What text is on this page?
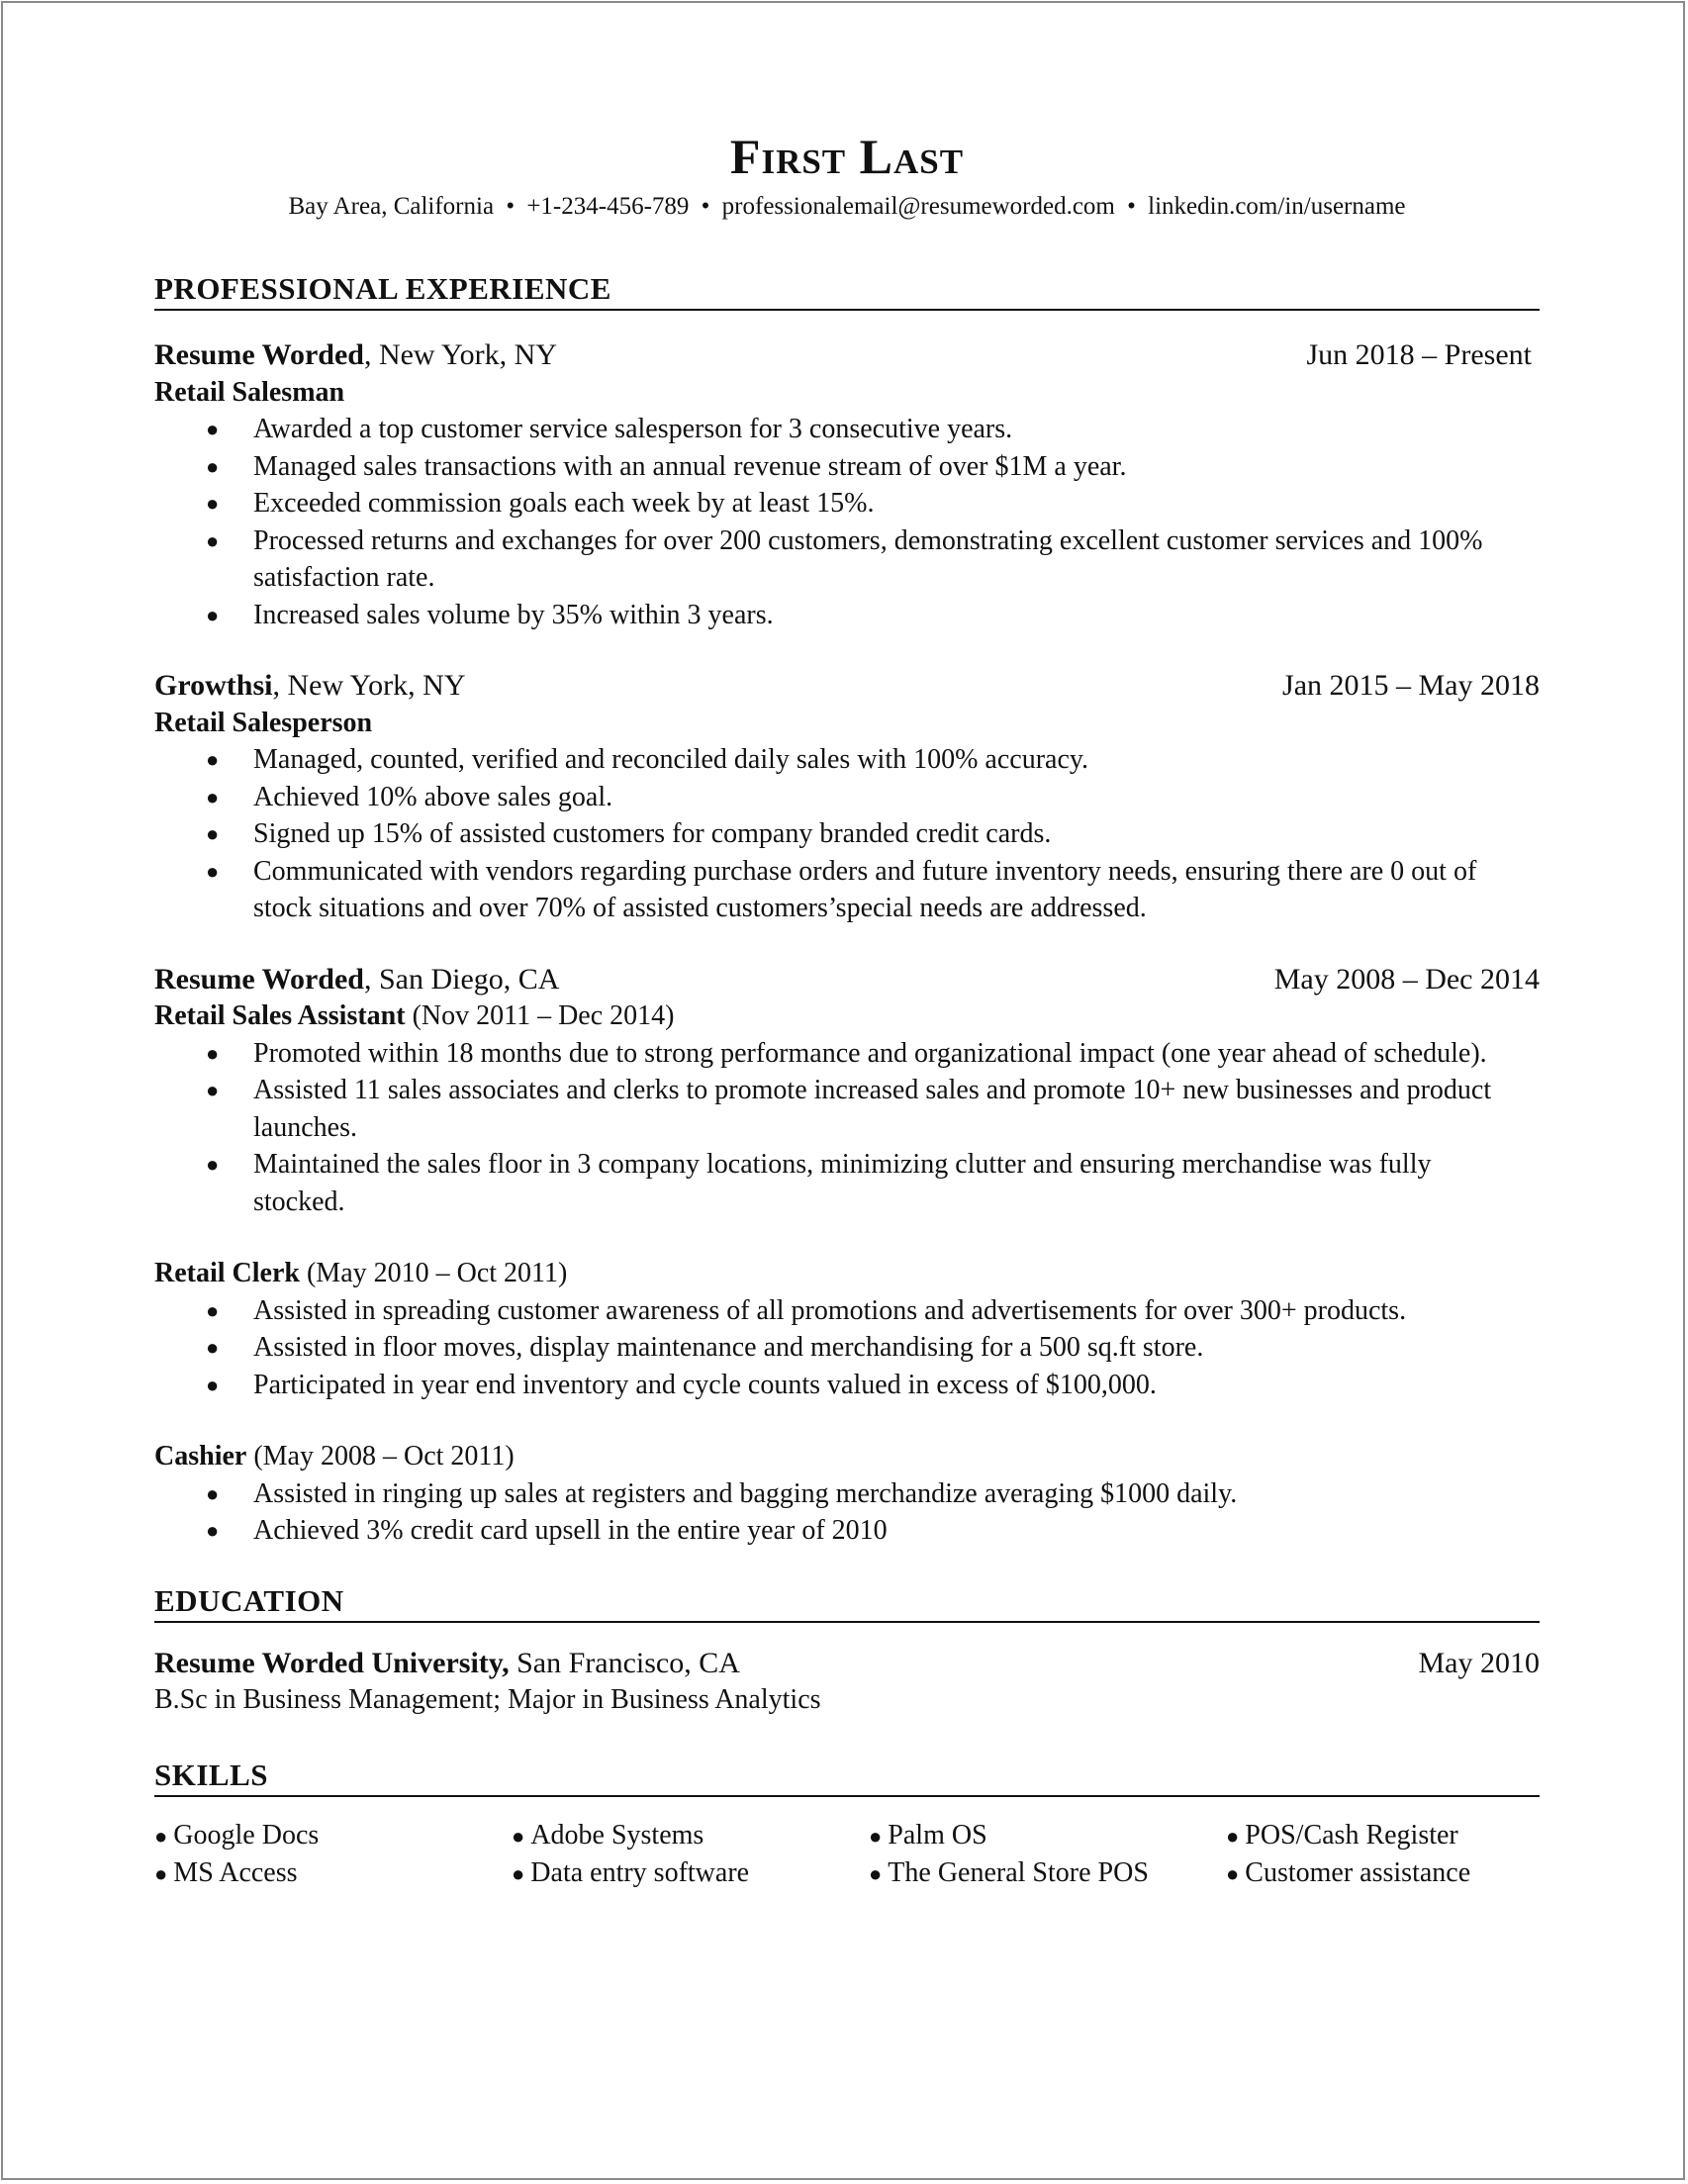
First Last
Bay Area, California • +1-234-456-789 • professionalemail@resumeworded.com • linkedin.com/in/username
PROFESSIONAL EXPERIENCE
Resume Worded, New York, NY	Jun 2018 – Present
Retail Salesman
● Awarded a top customer service salesperson for 3 consecutive years.
● Managed sales transactions with an annual revenue stream of over $1M a year.
● Exceeded commission goals each week by at least 15%.
● Processed returns and exchanges for over 200 customers, demonstrating excellent customer services and 100% satisfaction rate.
● Increased sales volume by 35% within 3 years.
Growthsi, New York, NY	Jan 2015 – May 2018
Retail Salesperson
● Managed, counted, verified and reconciled daily sales with 100% accuracy.
● Achieved 10% above sales goal.
● Signed up 15% of assisted customers for company branded credit cards.
● Communicated with vendors regarding purchase orders and future inventory needs, ensuring there are 0 out of stock situations and over 70% of assisted customers’special needs are addressed.
Resume Worded, San Diego, CA	May 2008 – Dec 2014
Retail Sales Assistant (Nov 2011 – Dec 2014)
● Promoted within 18 months due to strong performance and organizational impact (one year ahead of schedule).
● Assisted 11 sales associates and clerks to promote increased sales and promote 10+ new businesses and product launches.
● Maintained the sales floor in 3 company locations, minimizing clutter and ensuring merchandise was fully stocked.
Retail Clerk (May 2010 – Oct 2011)
● Assisted in spreading customer awareness of all promotions and advertisements for over 300+ products.
● Assisted in floor moves, display maintenance and merchandising for a 500 sq.ft store.
● Participated in year end inventory and cycle counts valued in excess of $100,000.
Cashier (May 2008 – Oct 2011)
● Assisted in ringing up sales at registers and bagging merchandize averaging $1000 daily.
● Achieved 3% credit card upsell in the entire year of 2010
EDUCATION
Resume Worded University, San Francisco, CA	May 2010
B.Sc in Business Management; Major in Business Analytics
SKILLS
● Google Docs	● Adobe Systems	● Palm OS	● POS/Cash Register
● MS Access	● Data entry software	● The General Store POS	● Customer assistance
